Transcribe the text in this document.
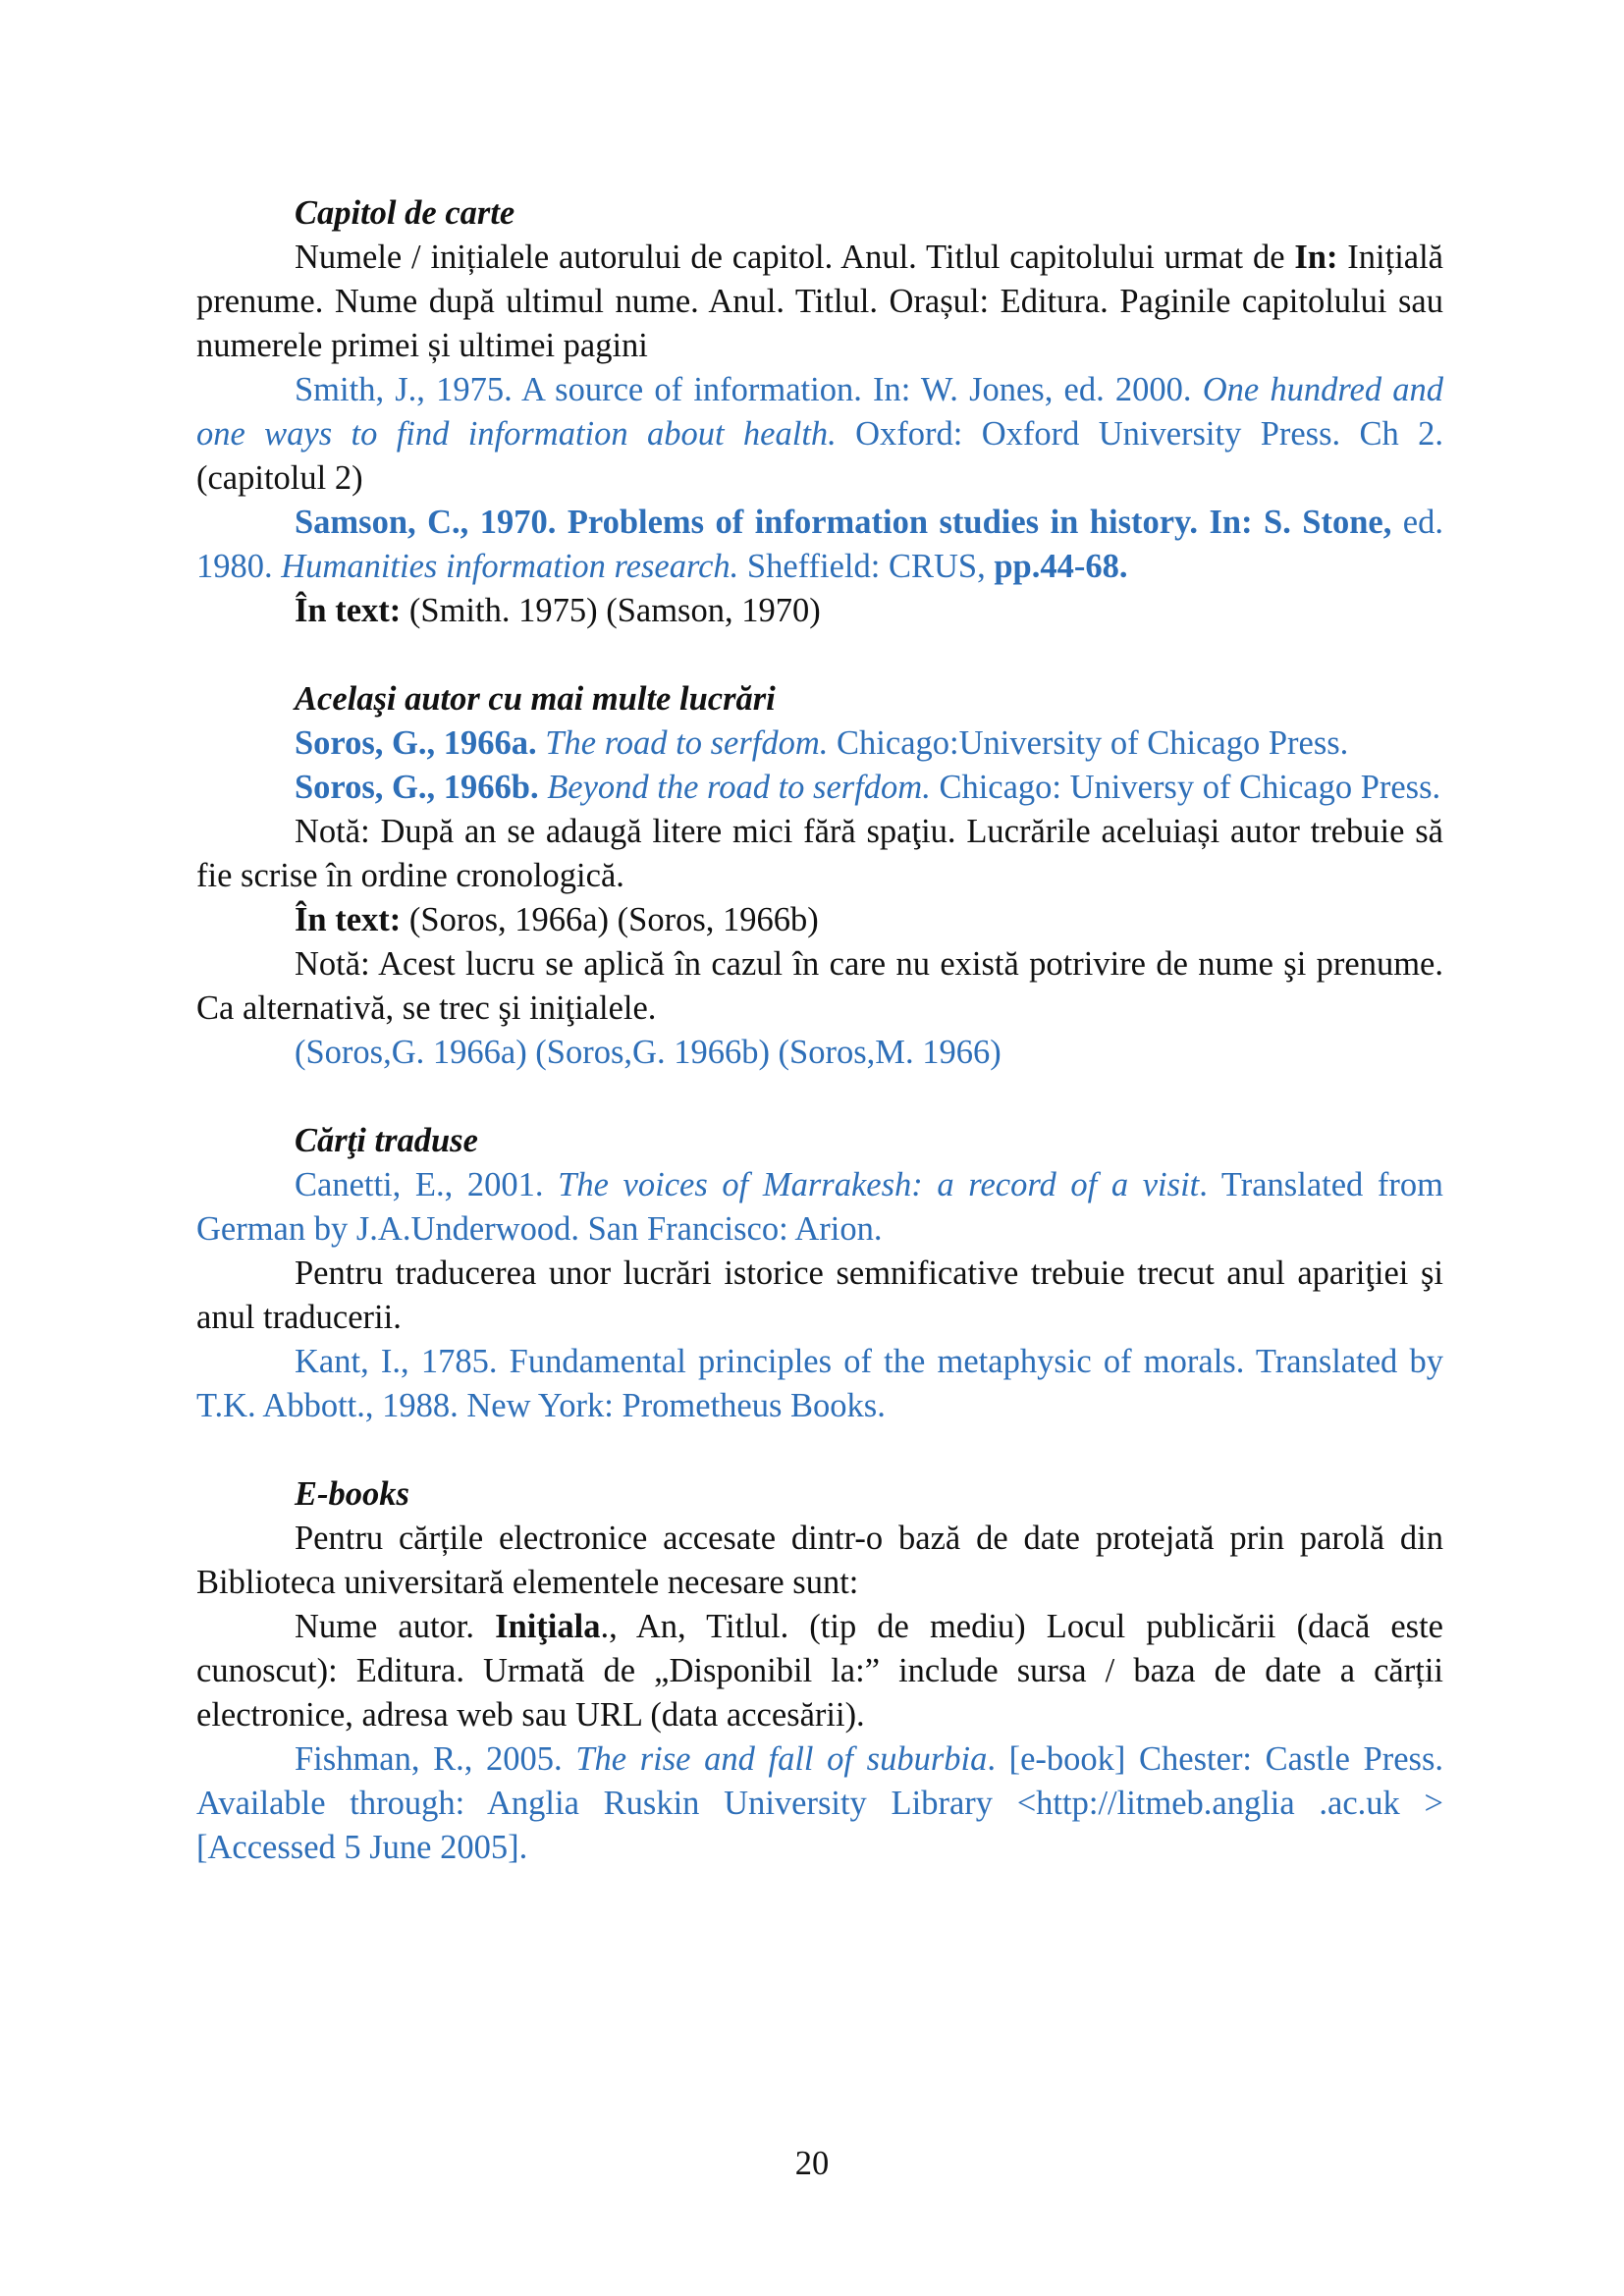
Capitol de carte

Numele / inițialele autorului de capitol. Anul. Titlul capitolului urmat de In: Inițială prenume. Nume după ultimul nume. Anul. Titlul. Orașul: Editura. Paginile capitolului sau numerele primei și ultimei pagini

Smith, J., 1975. A source of information. In: W. Jones, ed. 2000. One hundred and one ways to find information about health. Oxford: Oxford University Press. Ch 2. (capitolul 2)

Samson, C., 1970. Problems of information studies in history. In: S. Stone, ed. 1980. Humanities information research. Sheffield: CRUS, pp.44-68.

În text: (Smith. 1975) (Samson, 1970)

Acelaşi autor cu mai multe lucrări

Soros, G., 1966a. The road to serfdom. Chicago:University of Chicago Press.

Soros, G., 1966b. Beyond the road to serfdom. Chicago: Universy of Chicago Press.

Notă: După an se adaugă litere mici fără spaţiu. Lucrările aceluiași autor trebuie să fie scrise în ordine cronologică.

În text: (Soros, 1966a) (Soros, 1966b)

Notă: Acest lucru se aplică în cazul în care nu există potrivire de nume şi prenume. Ca alternativă, se trec şi iniţialele.

(Soros,G. 1966a) (Soros,G. 1966b) (Soros,M. 1966)

Cărţi traduse

Canetti, E., 2001. The voices of Marrakesh: a record of a visit. Translated from German by J.A.Underwood. San Francisco: Arion.

Pentru traducerea unor lucrări istorice semnificative trebuie trecut anul apariţiei şi anul traducerii.

Kant, I., 1785. Fundamental principles of the metaphysic of morals. Translated by T.K. Abbott., 1988. New York: Prometheus Books.

E-books

Pentru cărțile electronice accesate dintr-o bază de date protejată prin parolă din Biblioteca universitară elementele necesare sunt:

Nume autor. Iniţiala., An, Titlul. (tip de mediu) Locul publicării (dacă este cunoscut): Editura. Urmată de „Disponibil la:” include sursa / baza de date a cărții electronice, adresa web sau URL (data accesării).

Fishman, R., 2005. The rise and fall of suburbia. [e-book] Chester: Castle Press. Available through: Anglia Ruskin University Library <http://litmeb.anglia .ac.uk > [Accessed 5 June 2005].

20
